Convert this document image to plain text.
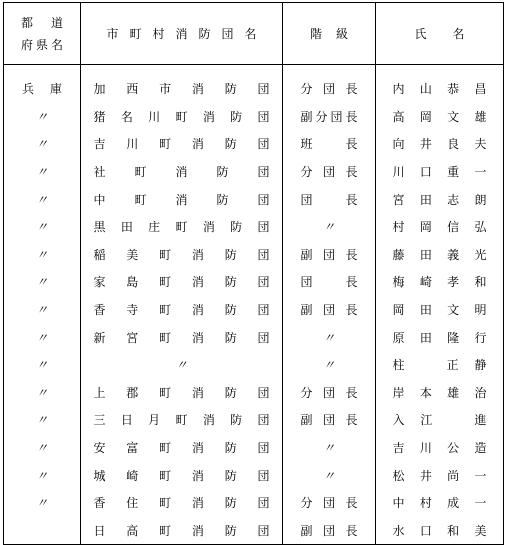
都　道
府県名	市町村消防団名	階　級	氏　名

兵　庫	加 西 市 消 防 団	分 団 長	内 山 恭 昌

〃	猪 名 川 町 消 防 団	副分団長	高 岡 文 雄

〃	吉 川 町 消 防 団	班　　長	向 井 良 夫

〃	社　町　消　防　団	分 団 長	川 口 重 一

〃	中　町　消　防　団	団　　長	宮 田 志 朗

〃	黒 田 庄 町 消 防 団	〃	村 岡 信 弘

〃	稲 美 町 消 防 団	副 団 長	藤 田 義 光

〃	家 島 町 消 防 団	団　　長	梅 崎 孝 和

〃	香 寺 町 消 防 団	副 団 長	岡 田 文 明

〃	新 宮 町 消 防 団	〃	原 田 隆 行

〃	〃	〃	柱　　正 静

〃	上 郡 町 消 防 団	分 団 長	岸 本 雄 治

〃	三 日 月 町 消 防 団	副 団 長	入 江　　進

〃	安 富 町 消 防 団	〃	吉 川 公 造

〃	城 崎 町 消 防 団	〃	松 井 尚 一

〃	香 住 町 消 防 団	分 団 長	中 村 成 一

	日 高 町 消 防 団	副 団 長	水 口 和 美
